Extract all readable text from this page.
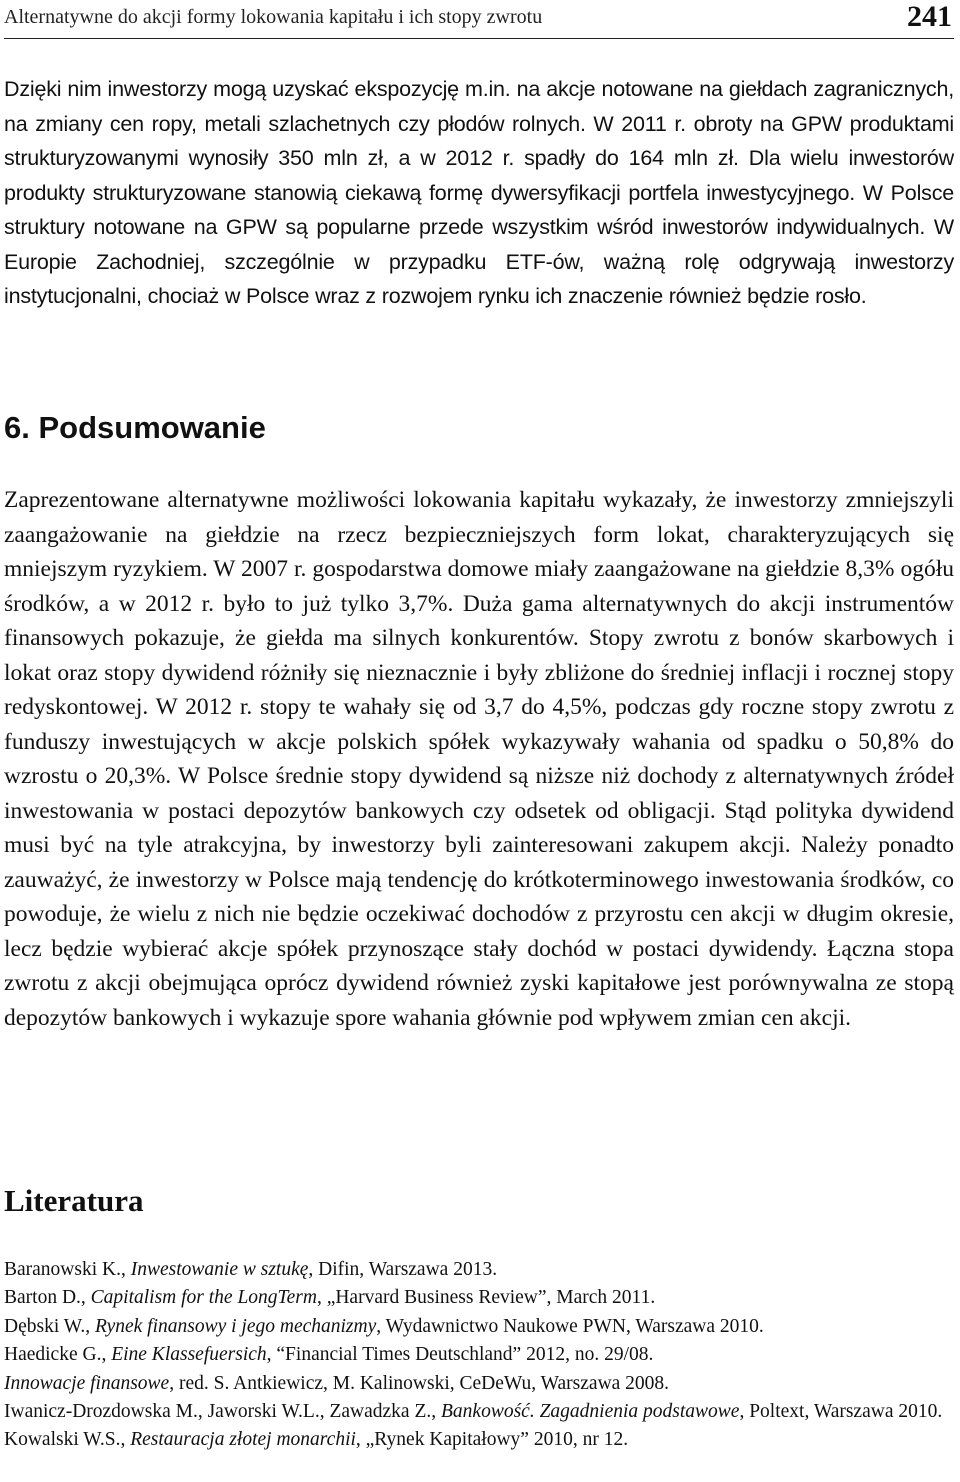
Alternatywne do akcji formy lokowania kapitału i ich stopy zwrotu	241

Dzięki nim inwestorzy mogą uzyskać ekspozycję m.in. na akcje notowane na giełdach zagranicznych, na zmiany cen ropy, metali szlachetnych czy płodów rolnych. W 2011 r. obroty na GPW produktami strukturyzowanymi wynosiły 350 mln zł, a w 2012 r. spadły do 164 mln zł. Dla wielu inwestorów produkty strukturyzowane stanowią ciekawą formę dywersyfikacji portfela inwestycyjnego. W Polsce struktury notowane na GPW są popularne przede wszystkim wśród inwestorów indywidualnych. W Europie Zachodniej, szczególnie w przypadku ETF-ów, ważną rolę odgrywają inwestorzy instytucjonalni, chociaż w Polsce wraz z rozwojem rynku ich znaczenie również będzie rosło.

6. Podsumowanie

Zaprezentowane alternatywne możliwości lokowania kapitału wykazały, że inwestorzy zmniejszyli zaangażowanie na giełdzie na rzecz bezpieczniejszych form lokat, charakteryzujących się mniejszym ryzykiem. W 2007 r. gospodarstwa domowe miały zaangażowane na giełdzie 8,3% ogółu środków, a w 2012 r. było to już tylko 3,7%. Duża gama alternatywnych do akcji instrumentów finansowych pokazuje, że giełda ma silnych konkurentów. Stopy zwrotu z bonów skarbowych i lokat oraz stopy dywidend różniły się nieznacznie i były zbliżone do średniej inflacji i rocznej stopy redyskontowej. W 2012 r. stopy te wahały się od 3,7 do 4,5%, podczas gdy roczne stopy zwrotu z funduszy inwestujących w akcje polskich spółek wykazywały wahania od spadku o 50,8% do wzrostu o 20,3%. W Polsce średnie stopy dywidend są niższe niż dochody z alternatywnych źródeł inwestowania w postaci depozytów bankowych czy odsetek od obligacji. Stąd polityka dywidend musi być na tyle atrakcyjna, by inwestorzy byli zainteresowani zakupem akcji. Należy ponadto zauważyć, że inwestorzy w Polsce mają tendencję do krótkoterminowego inwestowania środków, co powoduje, że wielu z nich nie będzie oczekiwać dochodów z przyrostu cen akcji w długim okresie, lecz będzie wybierać akcje spółek przynoszące stały dochód w postaci dywidendy. Łączna stopa zwrotu z akcji obejmująca oprócz dywidend również zyski kapitałowe jest porównywalna ze stopą depozytów bankowych i wykazuje spore wahania głównie pod wpływem zmian cen akcji.

Literatura
Baranowski K., Inwestowanie w sztukę, Difin, Warszawa 2013.
Barton D., Capitalism for the LongTerm, „Harvard Business Review”, March 2011.
Dębski W., Rynek finansowy i jego mechanizmy, Wydawnictwo Naukowe PWN, Warszawa 2010.
Haedicke G., Eine Klassefuersich, “Financial Times Deutschland” 2012, no. 29/08.
Innowacje finansowe, red. S. Antkiewicz, M. Kalinowski, CeDeWu, Warszawa 2008.
Iwanicz-Drozdowska M., Jaworski W.L., Zawadzka Z., Bankowość. Zagadnienia podstawowe, Poltext, Warszawa 2010.
Kowalski W.S., Restauracja złotej monarchii, „Rynek Kapitałowy” 2010, nr 12.
